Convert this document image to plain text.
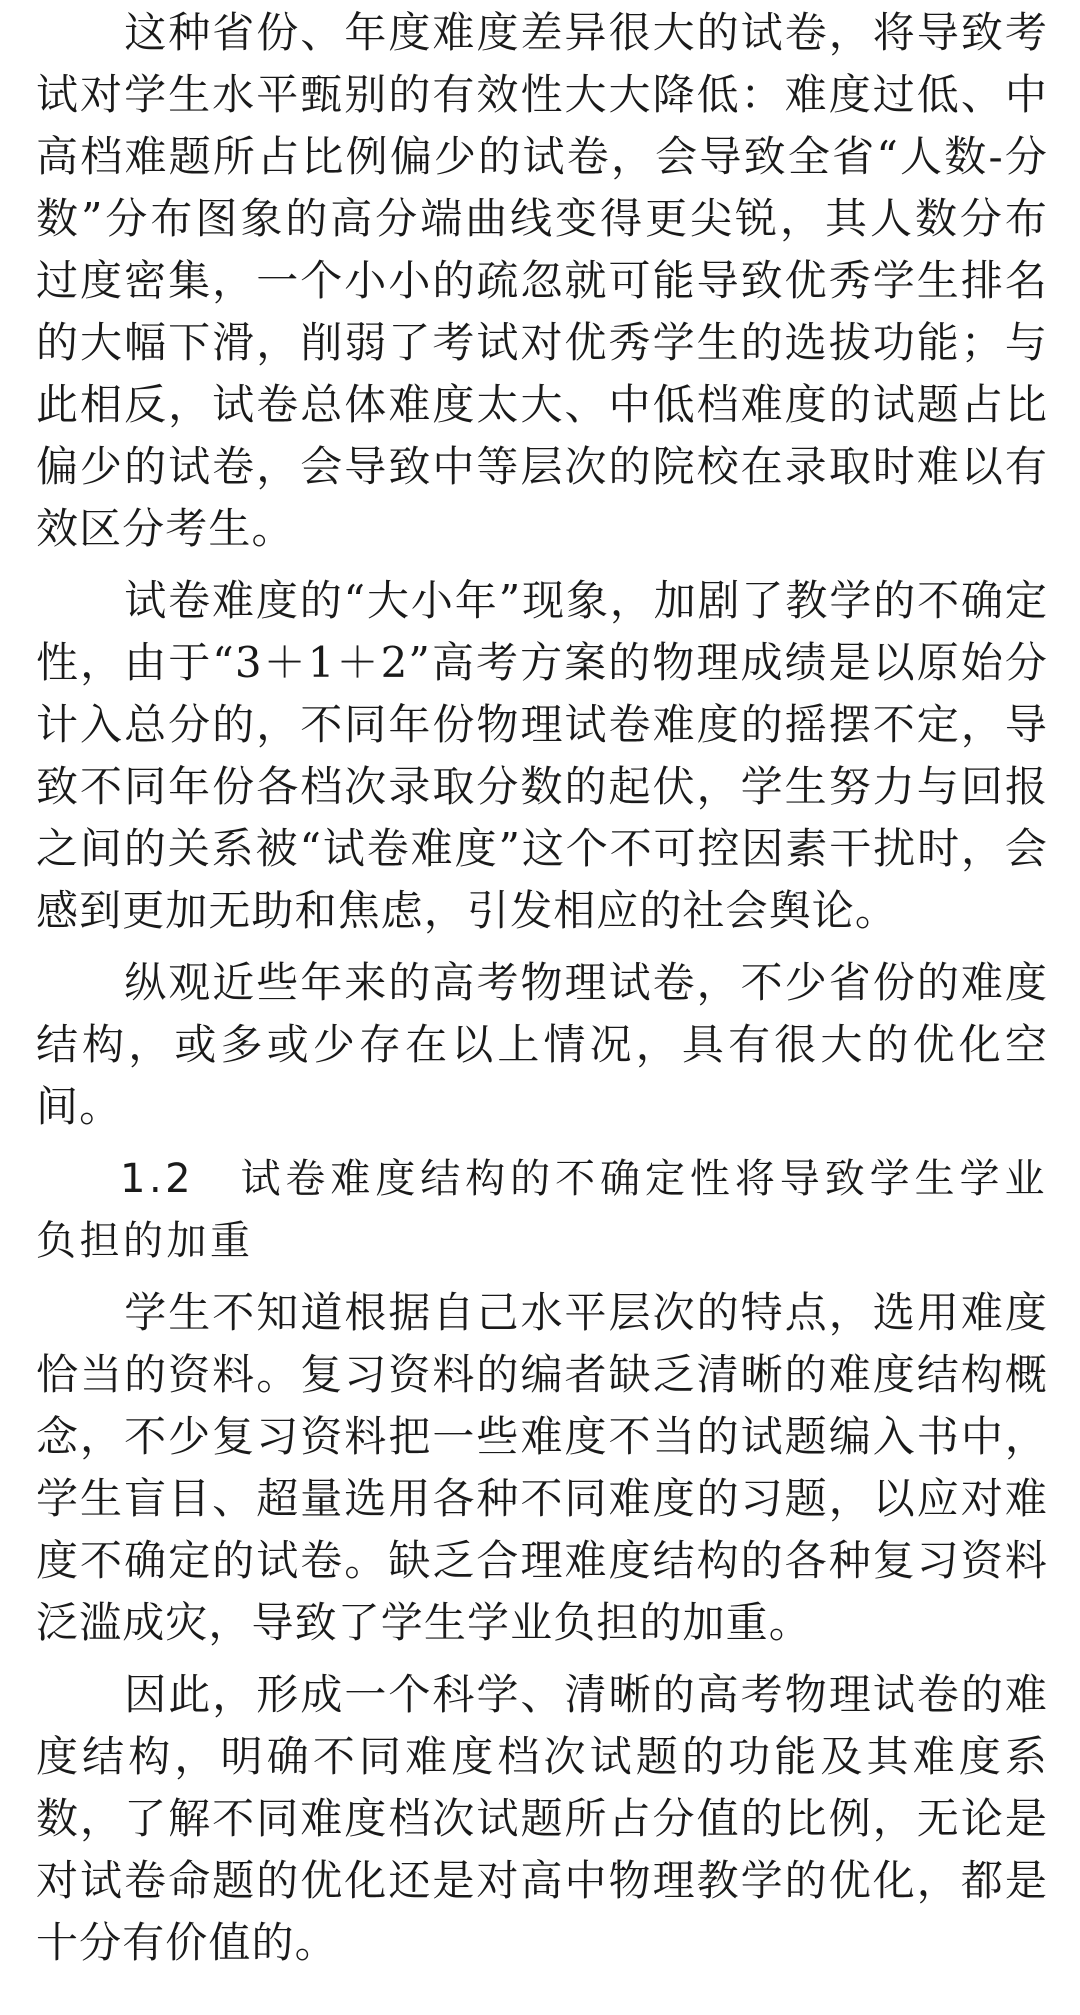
这种省份、年度难度差异很大的试卷，将导致考试对学生水平甄别的有效性大大降低：难度过低、中高档难题所占比例偏少的试卷，会导致全省“人数-分数”分布图象的高分端曲线变得更尖锐，其人数分布过度密集，一个小小的疏忽就可能导致优秀学生排名的大幅下滑，削弱了考试对优秀学生的选拔功能；与此相反，试卷总体难度太大、中低档难度的试题占比偏少的试卷，会导致中等层次的院校在录取时难以有效区分考生。

试卷难度的“大小年”现象，加剧了教学的不确定性，由于“3＋1＋2”高考方案的物理成绩是以原始分计入总分的，不同年份物理试卷难度的摇摆不定，导致不同年份各档次录取分数的起伏，学生努力与回报之间的关系被“试卷难度”这个不可控因素干扰时，会感到更加无助和焦虑，引发相应的社会舆论。

纵观近些年来的高考物理试卷，不少省份的难度结构，或多或少存在以上情况，具有很大的优化空间。

1.2　试卷难度结构的不确定性将导致学生学业负担的加重

学生不知道根据自己水平层次的特点，选用难度恰当的资料。复习资料的编者缺乏清晰的难度结构概念，不少复习资料把一些难度不当的试题编入书中，学生盲目、超量选用各种不同难度的习题，以应对难度不确定的试卷。缺乏合理难度结构的各种复习资料泛滥成灾，导致了学生学业负担的加重。

因此，形成一个科学、清晰的高考物理试卷的难度结构，明确不同难度档次试题的功能及其难度系数，了解不同难度档次试题所占分值的比例，无论是对试卷命题的优化还是对高中物理教学的优化，都是十分有价值的。
